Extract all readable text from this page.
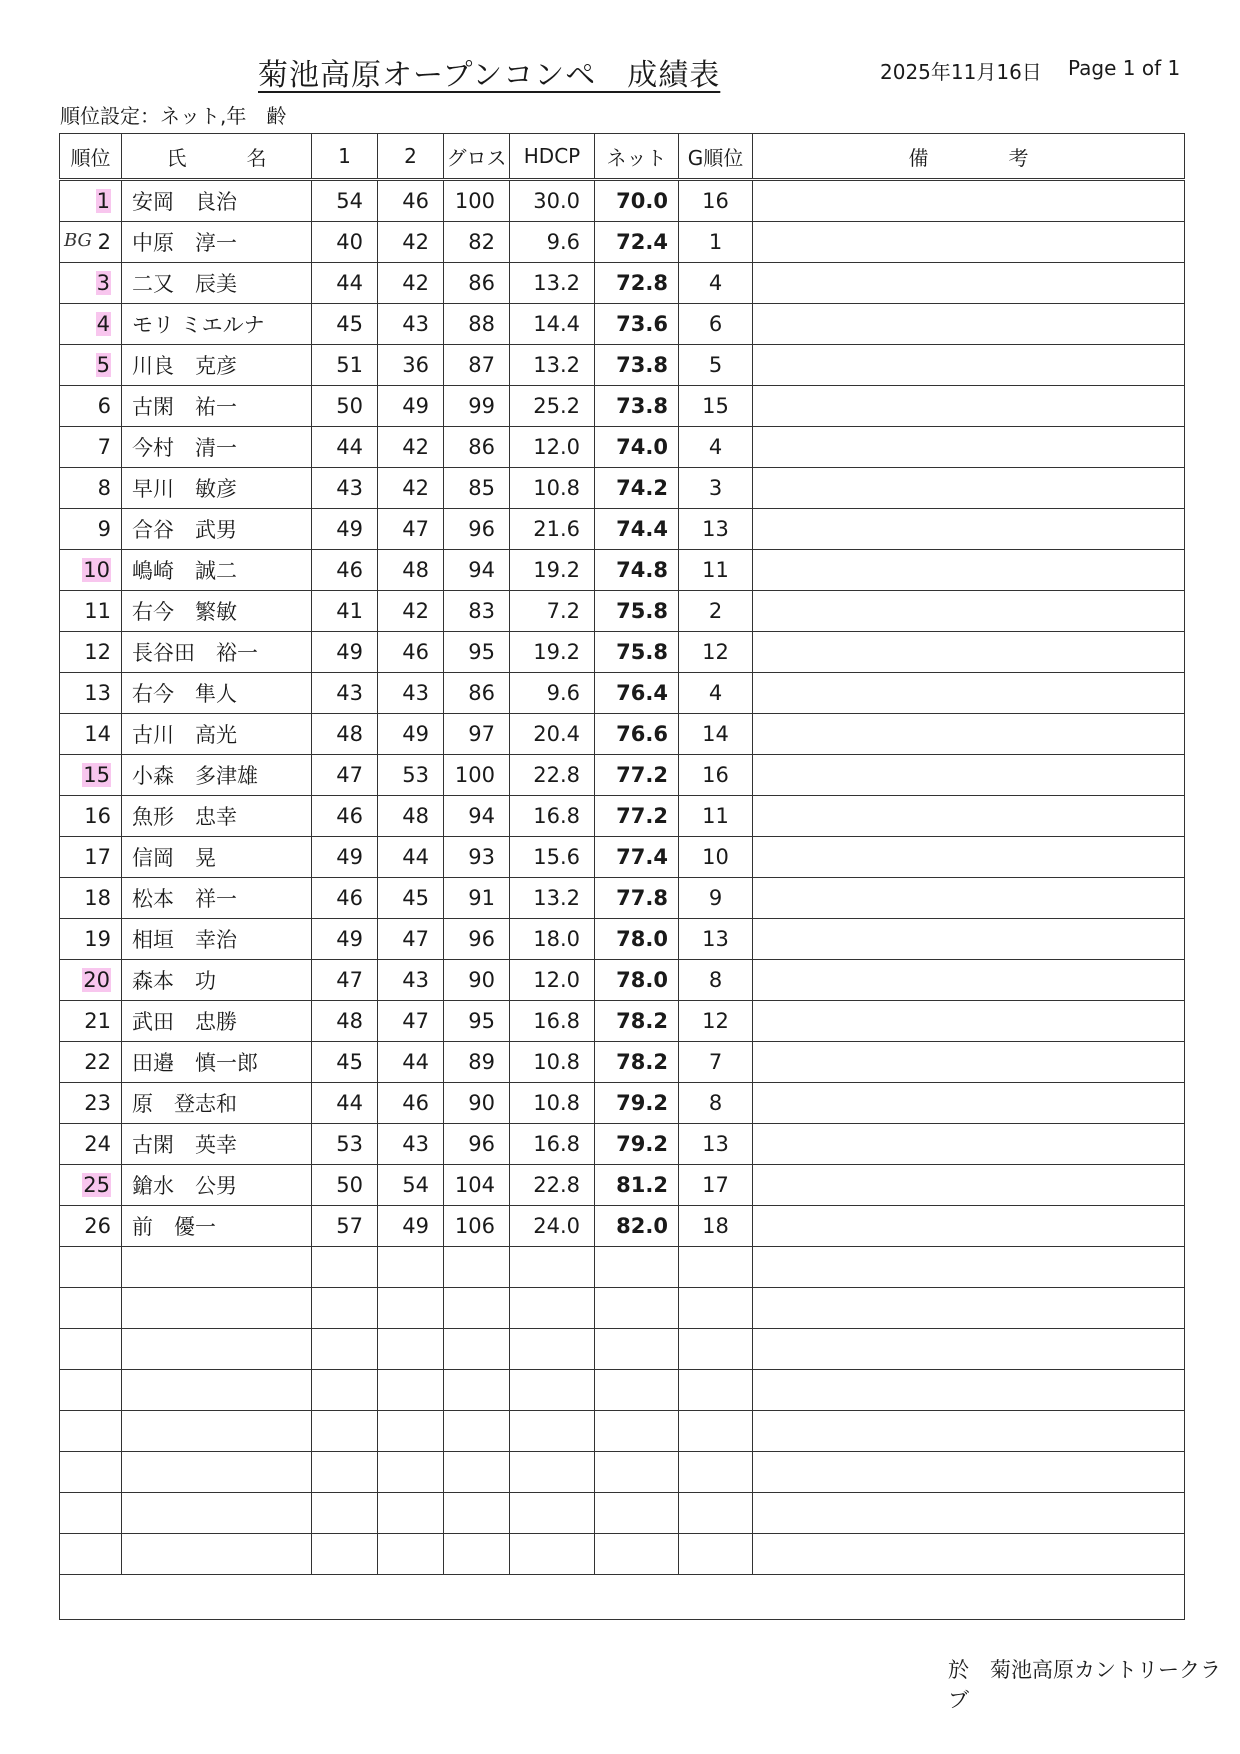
菊池高原オープンコンペ　成績表	2025年11月16日 Page 1 of 1
順位設定：ネット,年　齢
順位	氏　　　名	1	2	グロス	HDCP	ネット	G順位	備　　　　考
1	安岡　良治	54	46	100	30.0	70.0	16	

BG 2	中原　淳一	40	42	82	9.6	72.4	1	
3	二又　辰美	44	42	86	13.2	72.8	4	
4	モリ ミエルナ	45	43	88	14.4	73.6	6	
5	川良　克彦	51	36	87	13.2	73.8	5	
6	古閑　祐一	50	49	99	25.2	73.8	15	
7	今村　清一	44	42	86	12.0	74.0	4	
8	早川　敏彦	43	42	85	10.8	74.2	3	
9	合谷　武男	49	47	96	21.6	74.4	13	
10	嶋崎　誠二	46	48	94	19.2	74.8	11	
11	右今　繁敏	41	42	83	7.2	75.8	2	
12	長谷田　裕一	49	46	95	19.2	75.8	12	
13	右今　隼人	43	43	86	9.6	76.4	4	
14	古川　高光	48	49	97	20.4	76.6	14	
15	小森　多津雄	47	53	100	22.8	77.2	16	
16	魚形　忠幸	46	48	94	16.8	77.2	11	
17	信岡　晃	49	44	93	15.6	77.4	10	
18	松本　祥一	46	45	91	13.2	77.8	9	
19	相垣　幸治	49	47	96	18.0	78.0	13	
20	森本　功	47	43	90	12.0	78.0	8	
21	武田　忠勝	48	47	95	16.8	78.2	12	
22	田邉　慎一郎	45	44	89	10.8	78.2	7	
23	原　登志和	44	46	90	10.8	79.2	8	
24	古閑　英幸	53	43	96	16.8	79.2	13	
25	鎗水　公男	50	54	104	22.8	81.2	17	
26	前　優一	57	49	106	24.0	82.0	18	

於　菊池高原カントリークラブ
